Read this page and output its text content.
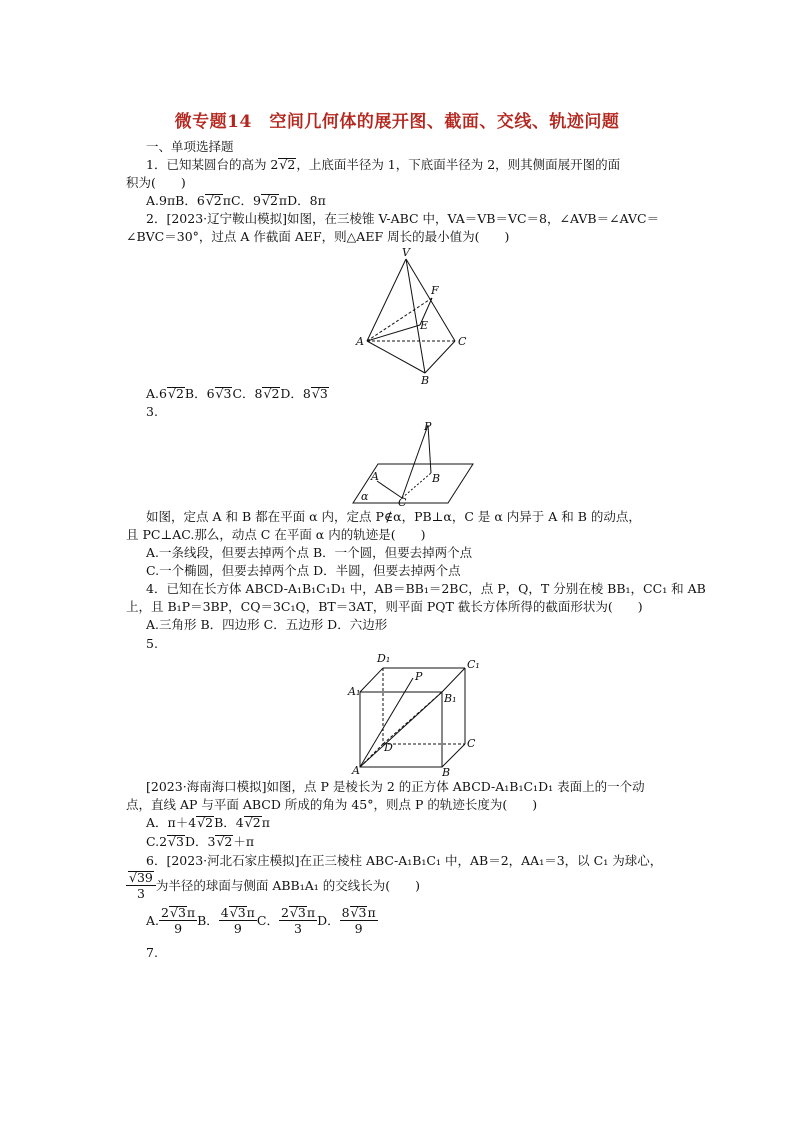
微专题14　空间几何体的展开图、截面、交线、轨迹问题
一、单项选择题
1．已知某圆台的高为 2√2，上底面半径为 1，下底面半径为 2，则其侧面展开图的面
积为(　　)
A.9πB．6√2πC．9√2πD．8π
2．[2023·辽宁鞍山模拟]如图，在三棱锥 V-ABC 中，VA＝VB＝VC＝8，∠AVB＝∠AVC＝
∠BVC＝30°，过点 A 作截面 AEF，则△AEF 周长的最小值为(　　)
V
F
E
A	C
B
A.6√2B．6√3C．8√2D．8√3
3.
P
A	B
C
α
如图，定点 A 和 B 都在平面 α 内，定点 P∉α，PB⊥α，C 是 α 内异于 A 和 B 的动点，
且 PC⊥AC.那么，动点 C 在平面 α 内的轨迹是(　　)
A.一条线段，但要去掉两个点 B．一个圆，但要去掉两个点
C.一个椭圆，但要去掉两个点 D．半圆，但要去掉两个点
4．已知在长方体 ABCD-A₁B₁C₁D₁ 中，AB＝BB₁＝2BC，点 P，Q，T 分别在棱 BB₁，CC₁ 和 AB
上，且 B₁P＝3BP，CQ＝3C₁Q，BT＝3AT，则平面 PQT 截长方体所得的截面形状为(　　)
A.三角形 B．四边形 C．五边形 D．六边形
5.
D₁	C₁
A₁
B₁
P
D	C
A	B
[2023·海南海口模拟]如图，点 P 是棱长为 2 的正方体 ABCD-A₁B₁C₁D₁ 表面上的一个动
点，直线 AP 与平面 ABCD 所成的角为 45°，则点 P 的轨迹长度为(　　)
A．π＋4√2B．4√2π
C.2√3D．3√2＋π
6．[2023·河北石家庄模拟]在正三棱柱 ABC-A₁B₁C₁ 中，AB＝2，AA₁＝3，以 C₁ 为球心，
$\frac{√39}{3}$ 为半径的球面与侧面 ABB₁A₁ 的交线长为(　　)
A. $\frac{2√3\pi}{9}$ B． $\frac{4√3\pi}{9}$ C． $\frac{2√3\pi}{3}$ D． $\frac{8√3\pi}{9}$
7.
